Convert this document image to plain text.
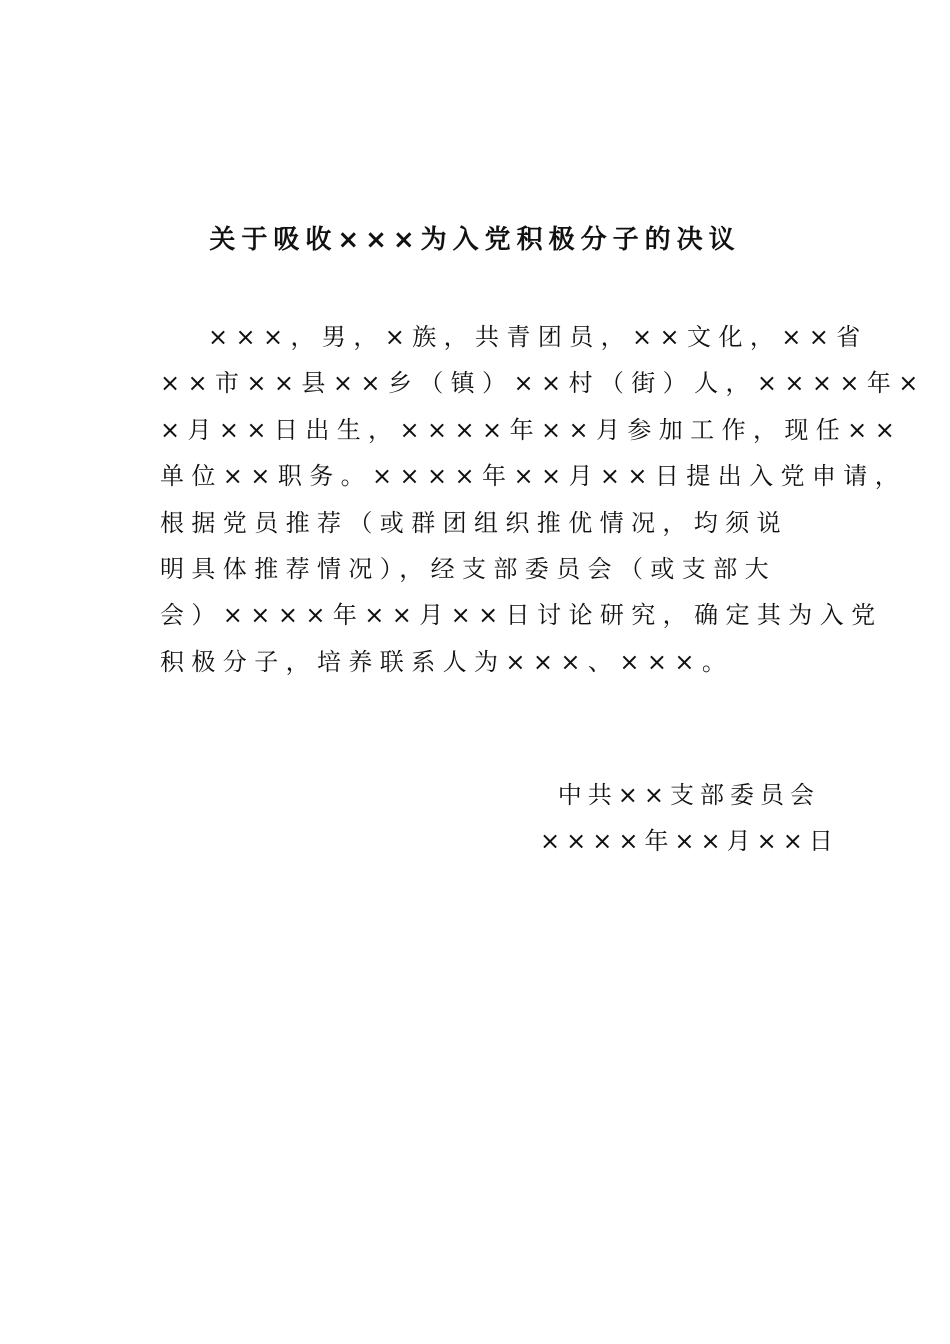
关于吸收×××为入党积极分子的决议
×××，男，×族，共青团员，××文化，××省
××市××县××乡（镇）××村（街）人，××××年×
×月××日出生，××××年××月参加工作，现任××
单位××职务。××××年××月××日提出入党申请，
根据党员推荐（或群团组织推优情况，均须说
明具体推荐情况），经支部委员会（或支部大
会）××××年××月××日讨论研究，确定其为入党
积极分子，培养联系人为×××、×××。
中共××支部委员会
××××年××月××日
